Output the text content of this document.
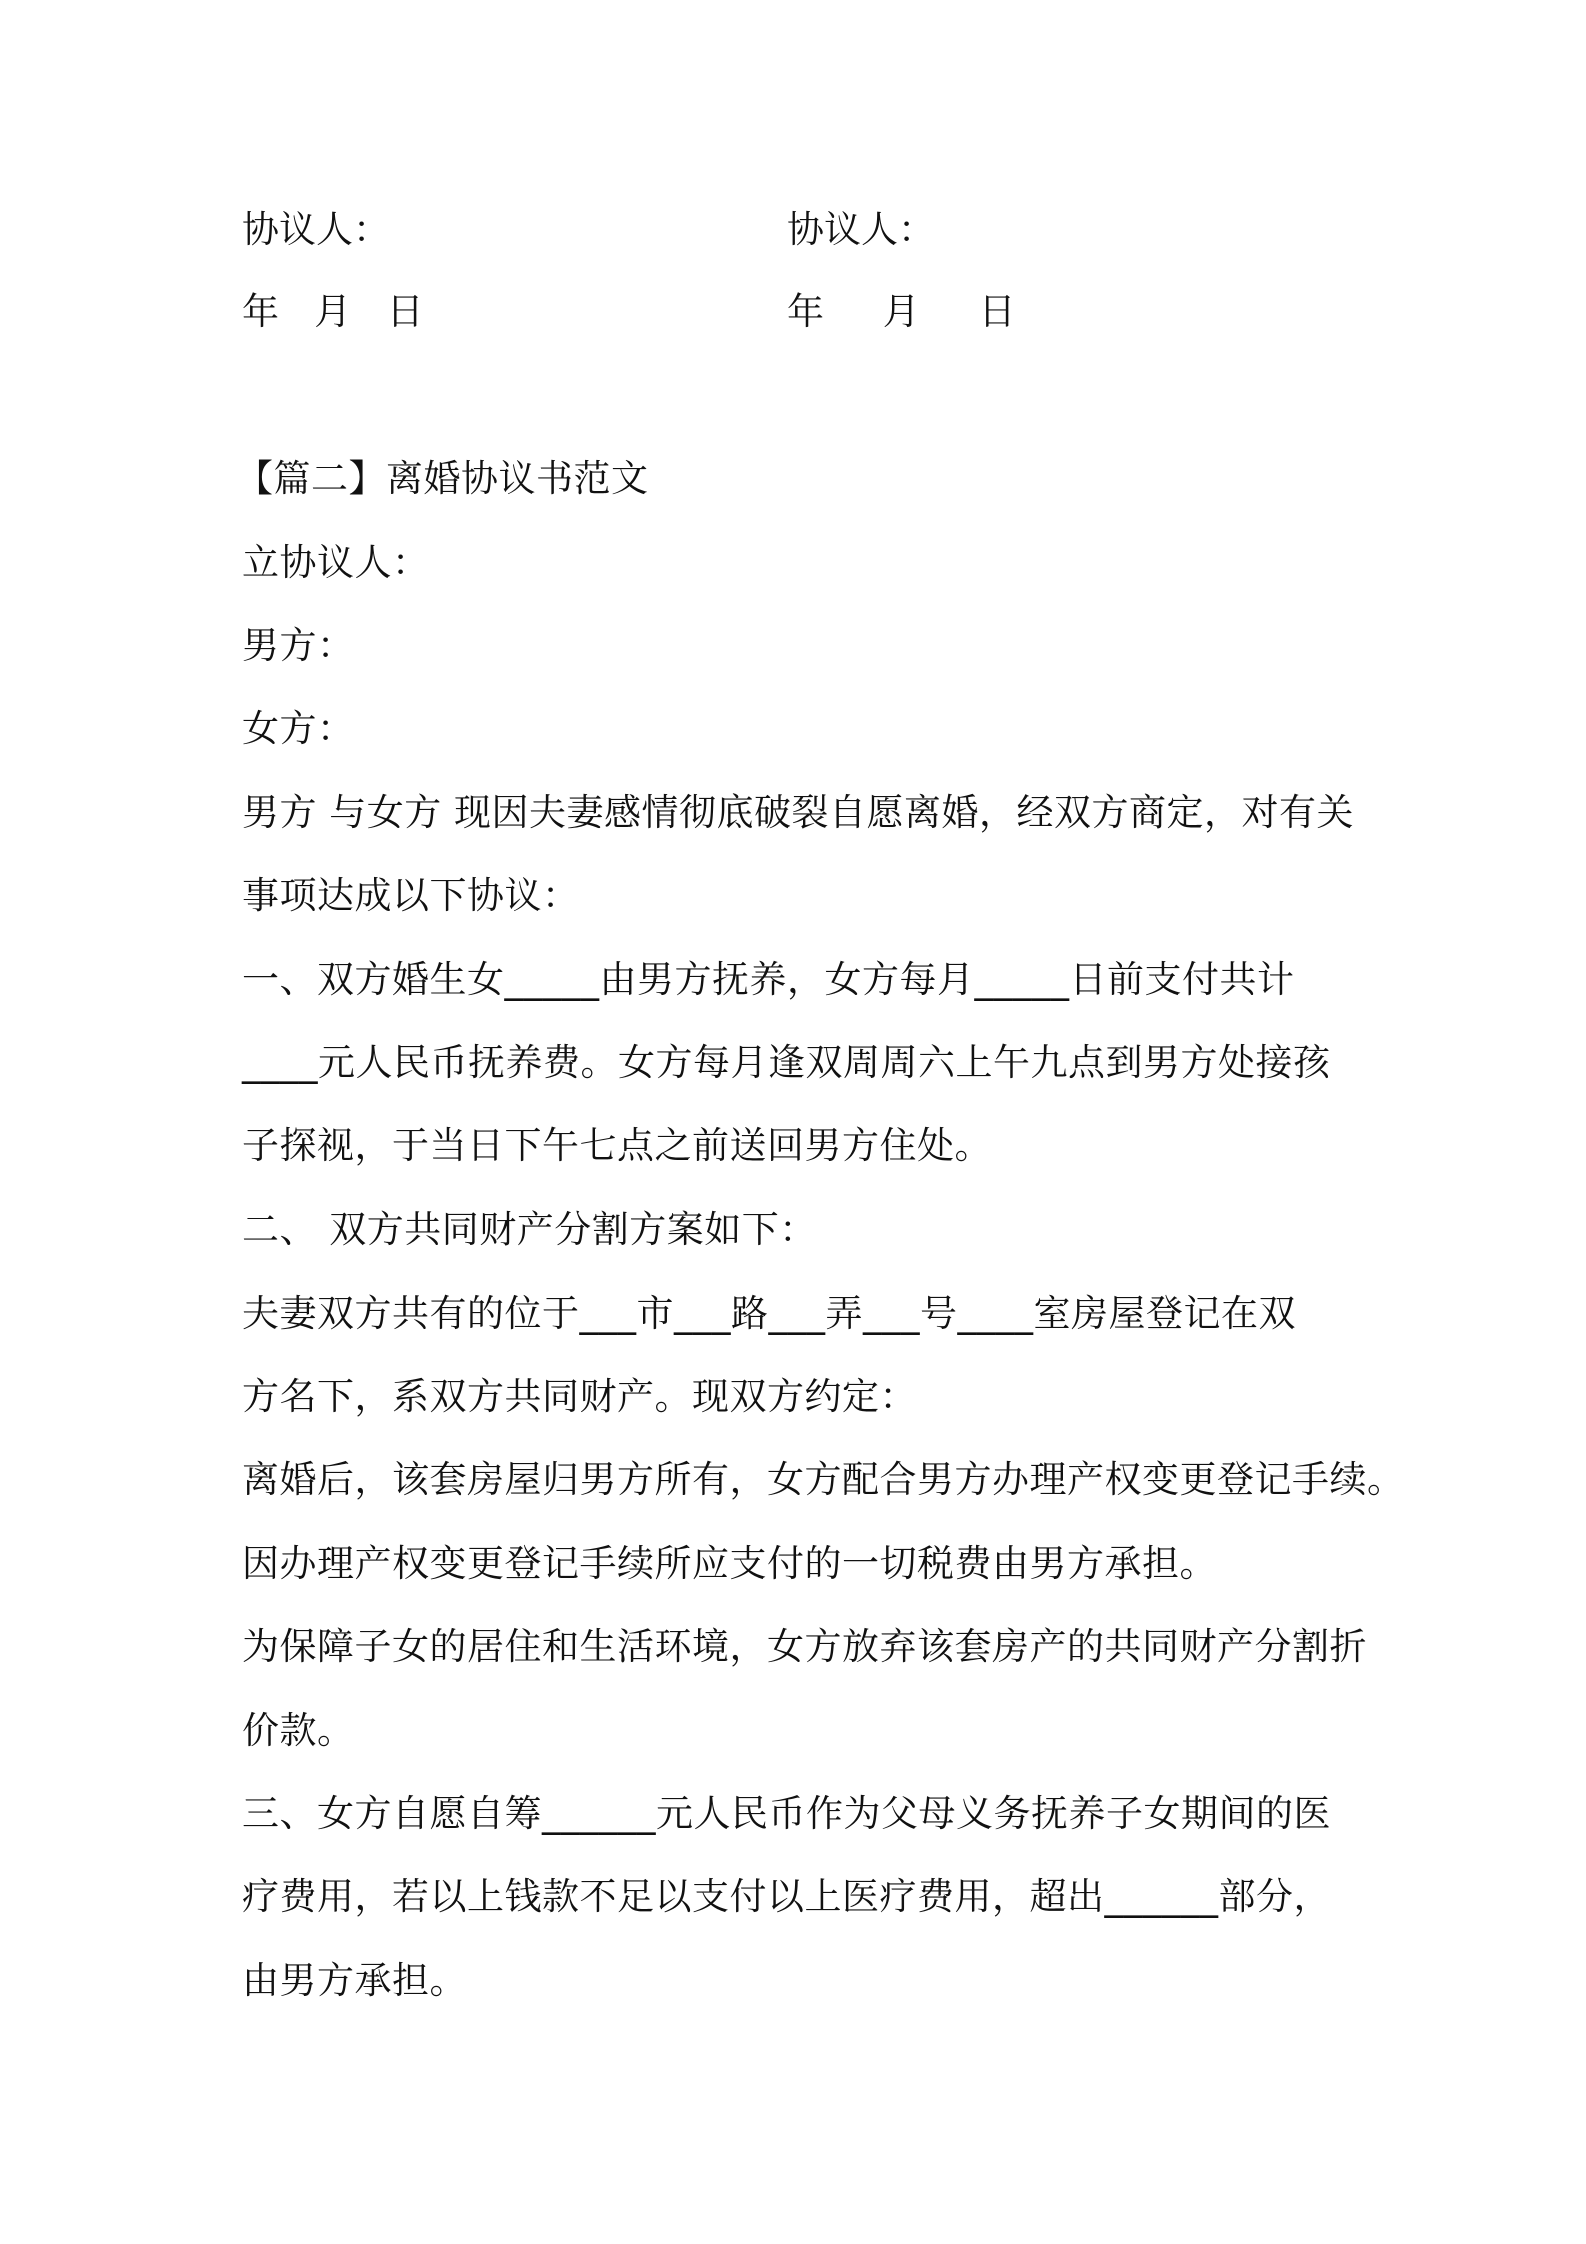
协议人：	协议人：
年   月   日	年     月     日
【篇二】离婚协议书范文
立协议人：
男方：
女方：
男方 与女方 现因夫妻感情彻底破裂自愿离婚，经双方商定，对有关
事项达成以下协议：
一、双方婚生女_____由男方抚养，女方每月_____日前支付共计
____元人民币抚养费。女方每月逢双周周六上午九点到男方处接孩
子探视，于当日下午七点之前送回男方住处。
二、 双方共同财产分割方案如下：
夫妻双方共有的位于___市___路___弄___号____室房屋登记在双
方名下，系双方共同财产。现双方约定：
离婚后，该套房屋归男方所有，女方配合男方办理产权变更登记手续。
因办理产权变更登记手续所应支付的一切税费由男方承担。
为保障子女的居住和生活环境，女方放弃该套房产的共同财产分割折
价款。
三、女方自愿自筹______元人民币作为父母义务抚养子女期间的医
疗费用，若以上钱款不足以支付以上医疗费用，超出______部分，
由男方承担。
